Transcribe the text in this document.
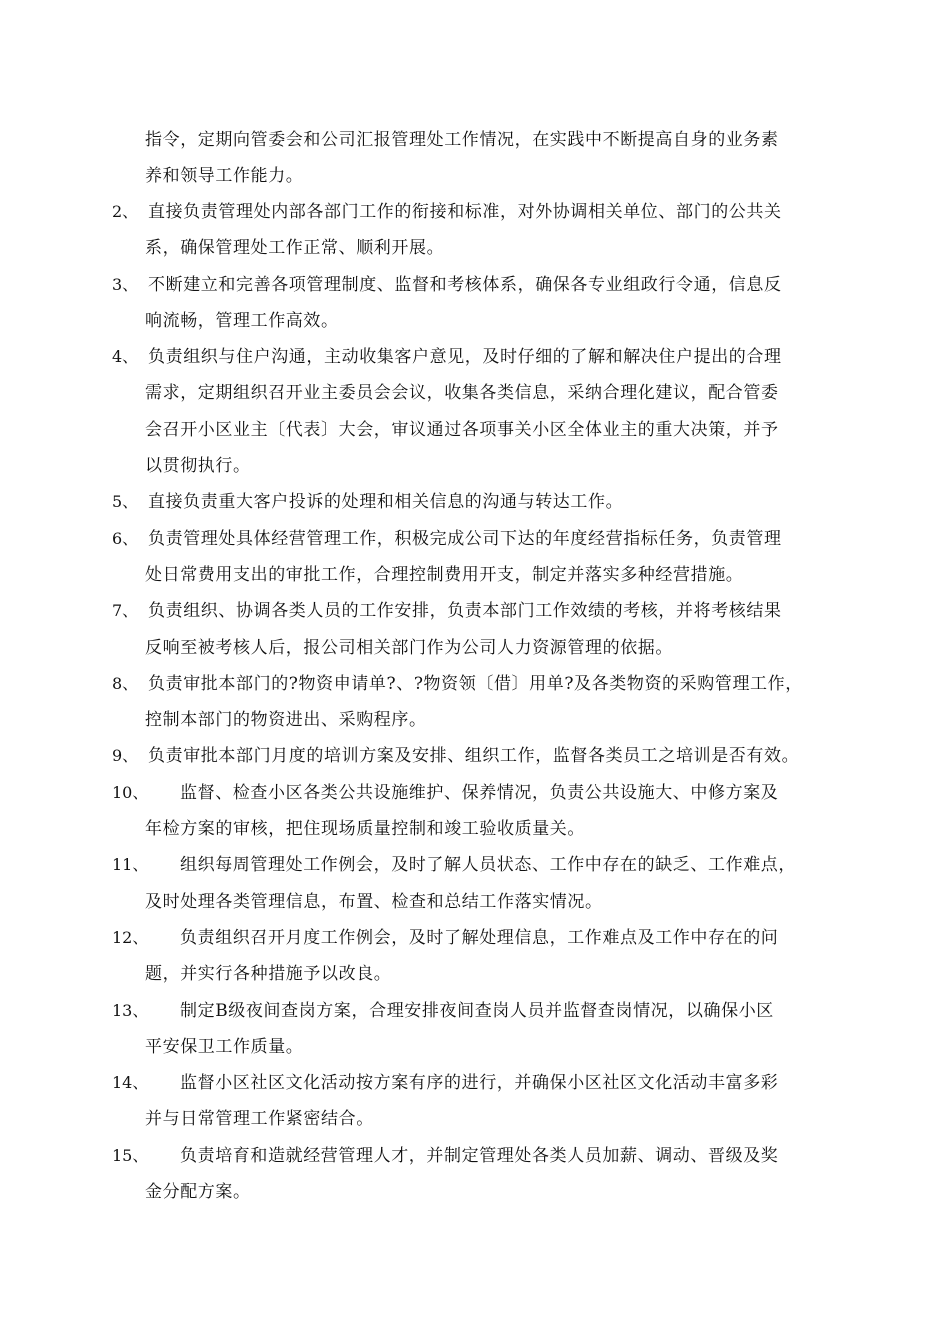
指令，定期向管委会和公司汇报管理处工作情况，在实践中不断提高自身的业务素
养和领导工作能力。
2、 直接负责管理处内部各部门工作的衔接和标准，对外协调相关单位、部门的公共关
系，确保管理处工作正常、顺利开展。
3、 不断建立和完善各项管理制度、监督和考核体系，确保各专业组政行令通，信息反
响流畅，管理工作高效。
4、 负责组织与住户沟通，主动收集客户意见，及时仔细的了解和解决住户提出的合理
需求，定期组织召开业主委员会会议，收集各类信息，采纳合理化建议，配合管委
会召开小区业主〔代表〕大会，审议通过各项事关小区全体业主的重大决策，并予
以贯彻执行。
5、 直接负责重大客户投诉的处理和相关信息的沟通与转达工作。
6、 负责管理处具体经营管理工作，积极完成公司下达的年度经营指标任务，负责管理
处日常费用支出的审批工作，合理控制费用开支，制定并落实多种经营措施。
7、 负责组织、协调各类人员的工作安排，负责本部门工作效绩的考核，并将考核结果
反响至被考核人后，报公司相关部门作为公司人力资源管理的依据。
8、 负责审批本部门的?物资申请单?、?物资领〔借〕用单?及各类物资的采购管理工作，
控制本部门的物资进出、采购程序。
9、 负责审批本部门月度的培训方案及安排、组织工作，监督各类员工之培训是否有效。
10、	监督、检查小区各类公共设施维护、保养情况，负责公共设施大、中修方案及
年检方案的审核，把住现场质量控制和竣工验收质量关。
11、	组织每周管理处工作例会，及时了解人员状态、工作中存在的缺乏、工作难点，
及时处理各类管理信息，布置、检查和总结工作落实情况。
12、	负责组织召开月度工作例会，及时了解处理信息，工作难点及工作中存在的问
题，并实行各种措施予以改良。
13、	制定B级夜间查岗方案，合理安排夜间查岗人员并监督查岗情况，以确保小区
平安保卫工作质量。
14、	监督小区社区文化活动按方案有序的进行，并确保小区社区文化活动丰富多彩
并与日常管理工作紧密结合。
15、	负责培育和造就经营管理人才，并制定管理处各类人员加薪、调动、晋级及奖
金分配方案。
